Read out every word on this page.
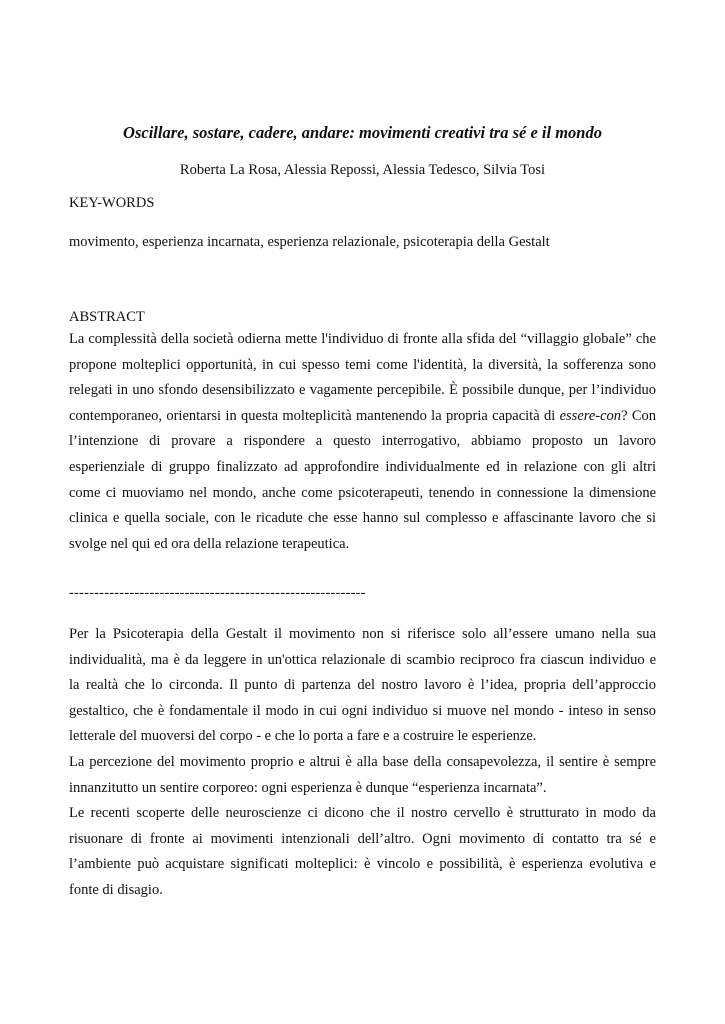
Oscillare, sostare, cadere, andare: movimenti creativi tra sé e il mondo
Roberta La Rosa, Alessia Repossi, Alessia Tedesco, Silvia Tosi
KEY-WORDS
movimento, esperienza incarnata, esperienza relazionale, psicoterapia della Gestalt
ABSTRACT
La complessità della società odierna mette l'individuo di fronte alla sfida del “villaggio globale” che
propone molteplici opportunità, in cui spesso temi come l'identità, la diversità, la sofferenza sono
relegati in uno sfondo desensibilizzato e vagamente percepibile. È possibile dunque, per l’individuo
contemporaneo, orientarsi in questa molteplicità mantenendo la propria capacità di essere-con? Con
l’intenzione di provare a rispondere a questo interrogativo, abbiamo proposto un lavoro
esperienziale di gruppo finalizzato ad approfondire individualmente ed in relazione con gli altri
come ci muoviamo nel mondo, anche come psicoterapeuti, tenendo in connessione la dimensione
clinica e quella sociale, con le ricadute che esse hanno sul complesso e affascinante lavoro che si
svolge nel qui ed ora della relazione terapeutica.
-----------------------------------------------------------
Per la Psicoterapia della Gestalt il movimento non si riferisce solo all’essere umano nella sua
individualità, ma è da leggere in un'ottica relazionale di scambio reciproco fra ciascun individuo e
la realtà che lo circonda. Il punto di partenza del nostro lavoro è l’idea, propria dell’approccio
gestaltico, che è fondamentale il modo in cui ogni individuo si muove nel mondo - inteso in senso
letterale del muoversi del corpo - e che lo porta a fare e a costruire le esperienze.
La percezione del movimento proprio e altrui è alla base della consapevolezza, il sentire è sempre
innanzitutto un sentire corporeo: ogni esperienza è dunque “esperienza incarnata”.
Le recenti scoperte delle neuroscienze ci dicono che il nostro cervello è strutturato in modo da
risuonare di fronte ai movimenti intenzionali dell’altro. Ogni movimento di contatto tra sé e
l’ambiente può acquistare significati molteplici: è vincolo e possibilità, è esperienza evolutiva e
fonte di disagio.
